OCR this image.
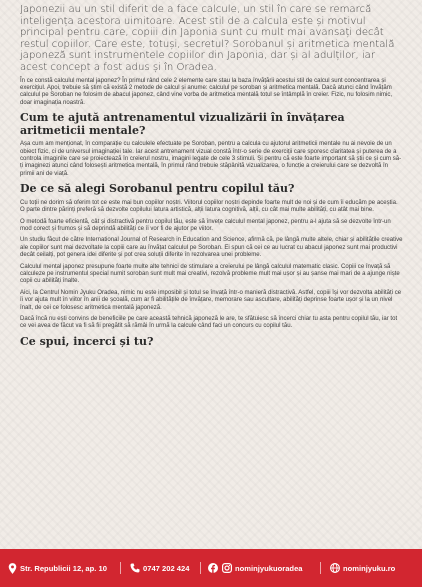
Japonezii au un stil diferit de a face calcule, un stil în care se remarcă inteligența acestora uimitoare. Acest stil de a calcula este și motivul principal pentru care, copiii din Japonia sunt cu mult mai avansați decât restul copiilor. Care este, totuși, secretul? Sorobanul și aritmetica mentală japoneză sunt instrumentele copiilor din Japonia, dar și al adulților, iar acest concept a fost adus și în Oradea.

În ce constă calculul mental japonez? În primul rând cele 2 elemente care stau la baza învățării acestui stil de calcul sunt concentrarea și exercițiul. Apoi, trebuie să știm că există 2 metode de calcul și anume: calculul pe soroban și aritmetica mentală. Dacă atunci când învățăm calculul pe Soroban ne folosim de abacul japonez, când vine vorba de aritmetica mentală totul se întâmplă în creier. Fizic, nu folosim nimic, doar imaginația noastră.

Cum te ajută antrenamentul vizualizării în învățarea aritmeticii mentale?

Așa cum am menționat, în comparație cu calculele efectuate pe Soroban, pentru a calcula cu ajutorul aritmeticii mentale nu ai nevoie de un obiect fizic, ci de universul imaginației tale. Iar acest antrenament vizual constă într-o serie de exerciții care sporesc claritatea și puterea de a controla imaginile care se proiectează în creierul nostru, imagini legate de cele 3 stimuli. Și pentru că este foarte important să știi ce și cum să-ți imaginezi atunci când folosești aritmetica mentală, în primul rând trebuie stăpânită vizualizarea, o funcție a creierului care se dezvoltă în primii ani de viață.

De ce să alegi Sorobanul pentru copilul tău?

Cu toții ne dorim să oferim tot ce este mai bun copiilor noștri. Viitorul copiilor noștri depinde foarte mult de noi și de cum îi educăm pe aceștia. O parte dintre părinți preferă să dezvolte copilului latura artistică, alții latura cognitivă, alții, cu cât mai multe abilități, cu atât mai bine.

O metodă foarte eficientă, cât și distractivă pentru copilul tău, este să învețe calculul mental japonez, pentru a-l ajuta să se dezvolte într-un mod corect și frumos și să deprindă abilități ce îi vor fi de ajutor pe viitor.

Un studiu făcut de către International Journal of Research in Education and Science, afirmă că, pe lângă multe altele, chiar și abilitățile creative ale copiilor sunt mai dezvoltate la copiii care au învățat calculul pe Soroban. Ei spun că cei ce au lucrat cu abacul japonez sunt mai productivi decât ceilalți, pot genera idei diferite și pot crea soluții diferite în rezolvarea unei probleme.

Calculul mental japonez presupune foarte multe alte tehnici de stimulare a creierului pe lângă calculul matematic clasic. Copiii ce învață să calculeze pe instrumentul special numit soroban sunt mult mai creativi, rezolvă probleme mult mai ușor și au șanse mai mari de a ajunge niște copii cu abilități înalte.

Aici, la Centrul Nomin Jyuku Oradea, nimic nu este imposibil și totul se învață într-o manieră distractivă. Astfel, copiii își vor dezvolta abilități ce îi vor ajuta mult în viitor în anii de școală, cum ar fi abilitățile de învățare, memorare sau ascultare, abilități deprinse foarte ușor și la un nivel înalt, de cei ce folosesc aritmetica mentală japoneză.

Dacă încă nu ești convins de beneficiile pe care această tehnică japoneză le are, te sfătuiesc să încerci chiar tu asta pentru copilul tău, iar tot ce vei avea de făcut va fi să fii pregătit să rămâi în urmă la calcule când faci un concurs cu copilul tău.

Ce spui, incerci și tu?
Str. Republicii 12, ap. 10	0747 202 424	nominjyukuoradea	nominjyuku.ro
